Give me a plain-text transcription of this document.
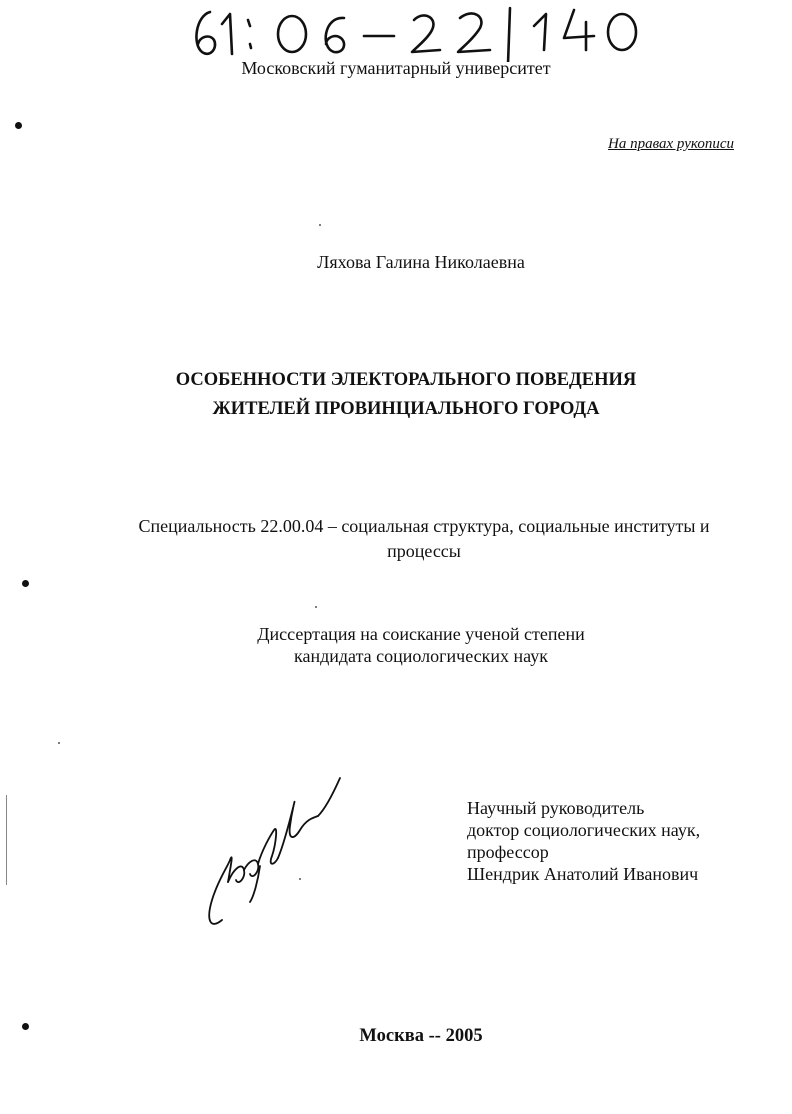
Московский гуманитарный университет
На правах рукописи
Ляхова Галина Николаевна
ОСОБЕННОСТИ ЭЛЕКТОРАЛЬНОГО ПОВЕДЕНИЯ
ЖИТЕЛЕЙ ПРОВИНЦИАЛЬНОГО ГОРОДА
Специальность 22.00.04 – социальная структура, социальные институты и
процессы
Диссертация на соискание ученой степени
кандидата социологических наук
Научный руководитель
доктор социологических наук,
профессор
Шендрик Анатолий Иванович
Москва -- 2005
